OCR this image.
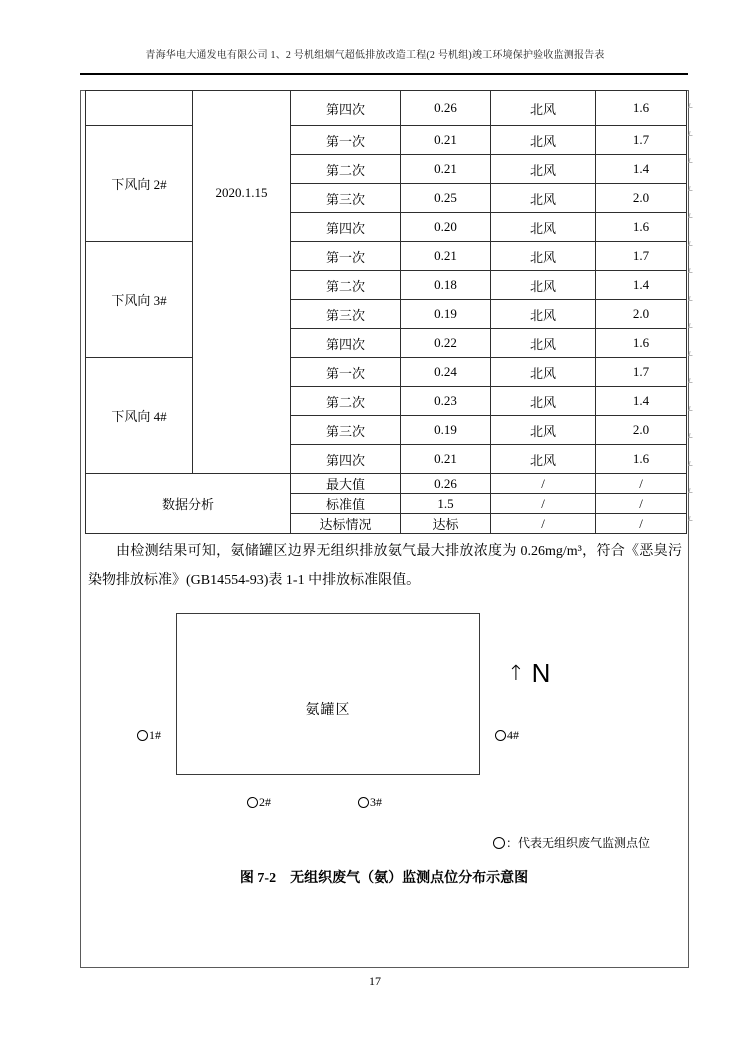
青海华电大通发电有限公司 1、2 号机组烟气超低排放改造工程(2 号机组)竣工环境保护验收监测报告表
	2020.1.15	第四次	0.26	北风	1.6
下风向 2#		第一次	0.21	北风	1.7
		第二次	0.21	北风	1.4
		第三次	0.25	北风	2.0
		第四次	0.20	北风	1.6
下风向 3#		第一次	0.21	北风	1.7
		第二次	0.18	北风	1.4
		第三次	0.19	北风	2.0
		第四次	0.22	北风	1.6
下风向 4#		第一次	0.24	北风	1.7
		第二次	0.23	北风	1.4
		第三次	0.19	北风	2.0
		第四次	0.21	北风	1.6
数据分析		最大值	0.26	/	/
		标准值	1.5	/	/
		达标情况	达标	/	/
由检测结果可知，氨储罐区边界无组织排放氨气最大排放浓度为 0.26mg/m³，符合《恶臭污染物排放标准》(GB14554-93)表 1-1 中排放标准限值。
氨罐区
↑ N
1#
2#	3#
4#
：代表无组织废气监测点位
图 7-2　无组织废气（氨）监测点位分布示意图
17
